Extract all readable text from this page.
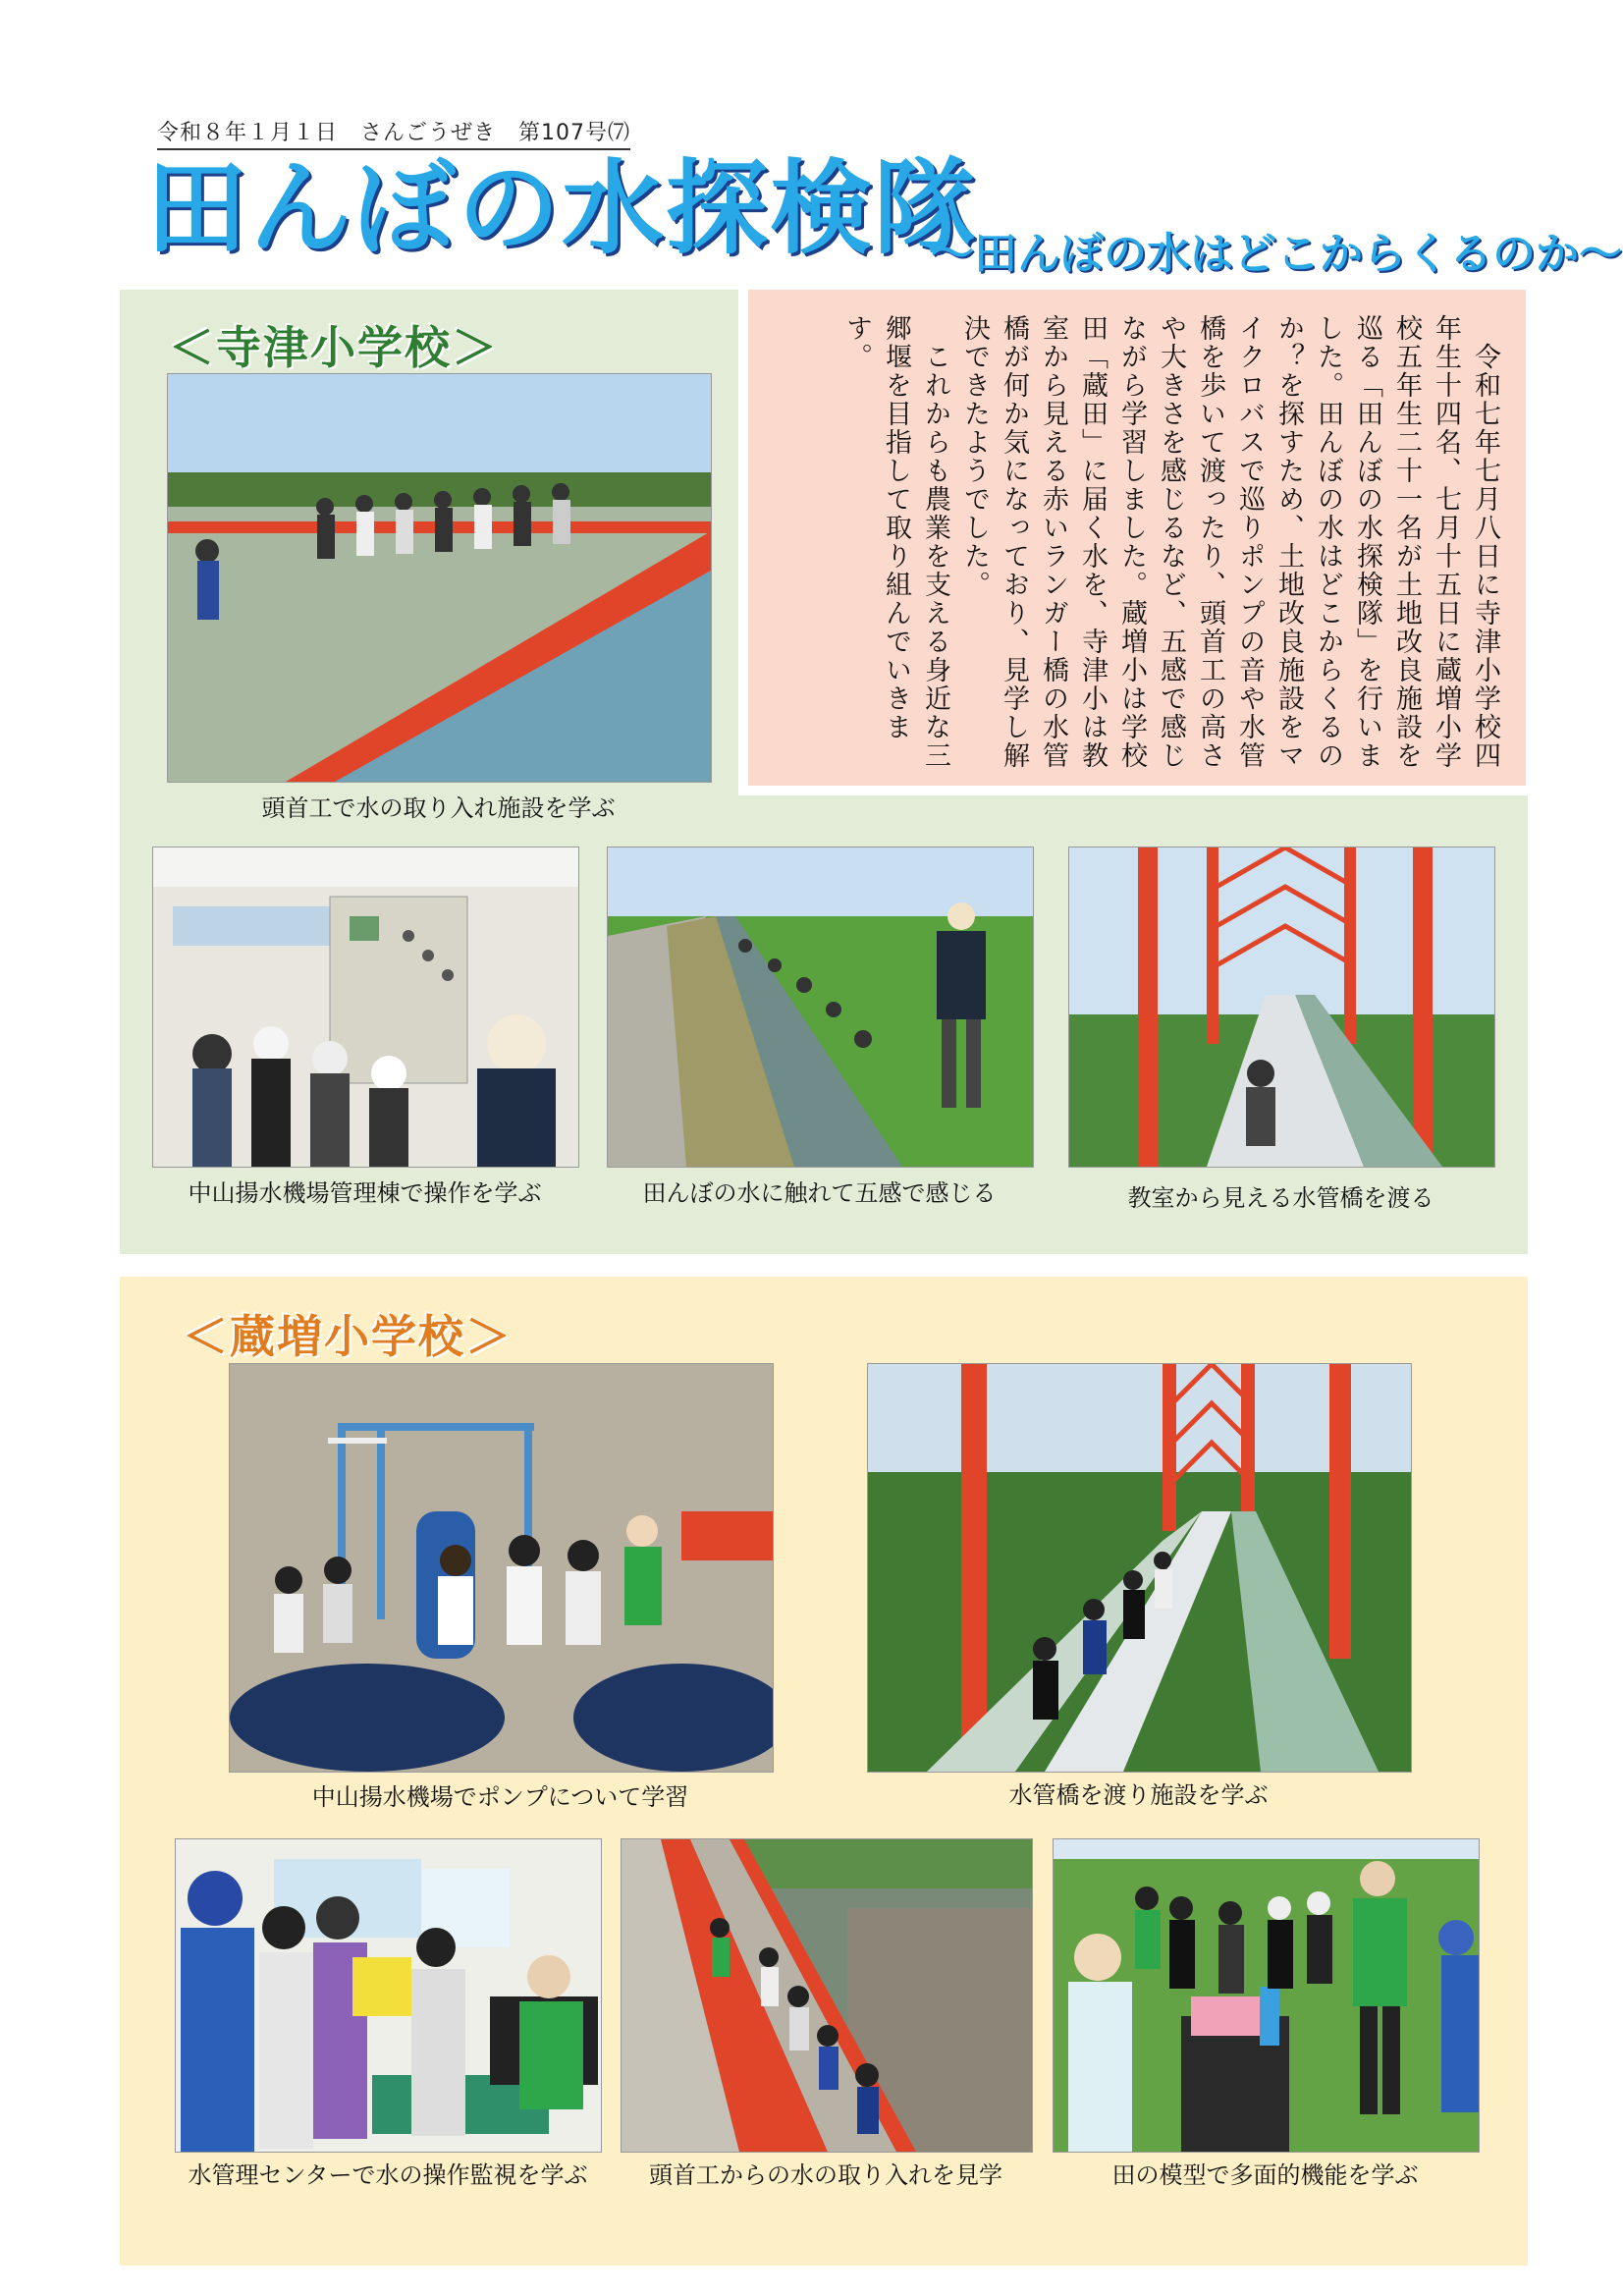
令和８年１月１日　さんごうぜき　第107号⑺
田んぼの水探検隊
～田んぼの水はどこからくるのか～
＜寺津小学校＞
＜蔵増小学校＞
　令和七年七月八日に寺津小学校四年生十四名、七月十五日に蔵増小学校五年生二十一名が土地改良施設を巡る「田んぼの水探検隊」を行いました。田んぼの水はどこからくるのか？を探すため、土地改良施設をマイクロバスで巡りポンプの音や水管橋を歩いて渡ったり、頭首工の高さや大きさを感じるなど、五感で感じながら学習しました。蔵増小は学校田「蔵田」に届く水を、寺津小は教室から見える赤いランガー橋の水管橋が何か気になっており、見学し解決できたようでした。
　これからも農業を支える身近な三郷堰を目指して取り組んでいきます。
頭首工で水の取り入れ施設を学ぶ
中山揚水機場管理棟で操作を学ぶ	田んぼの水に触れて五感で感じる	教室から見える水管橋を渡る
中山揚水機場でポンプについて学習	水管橋を渡り施設を学ぶ
水管理センターで水の操作監視を学ぶ	頭首工からの水の取り入れを見学	田の模型で多面的機能を学ぶ
